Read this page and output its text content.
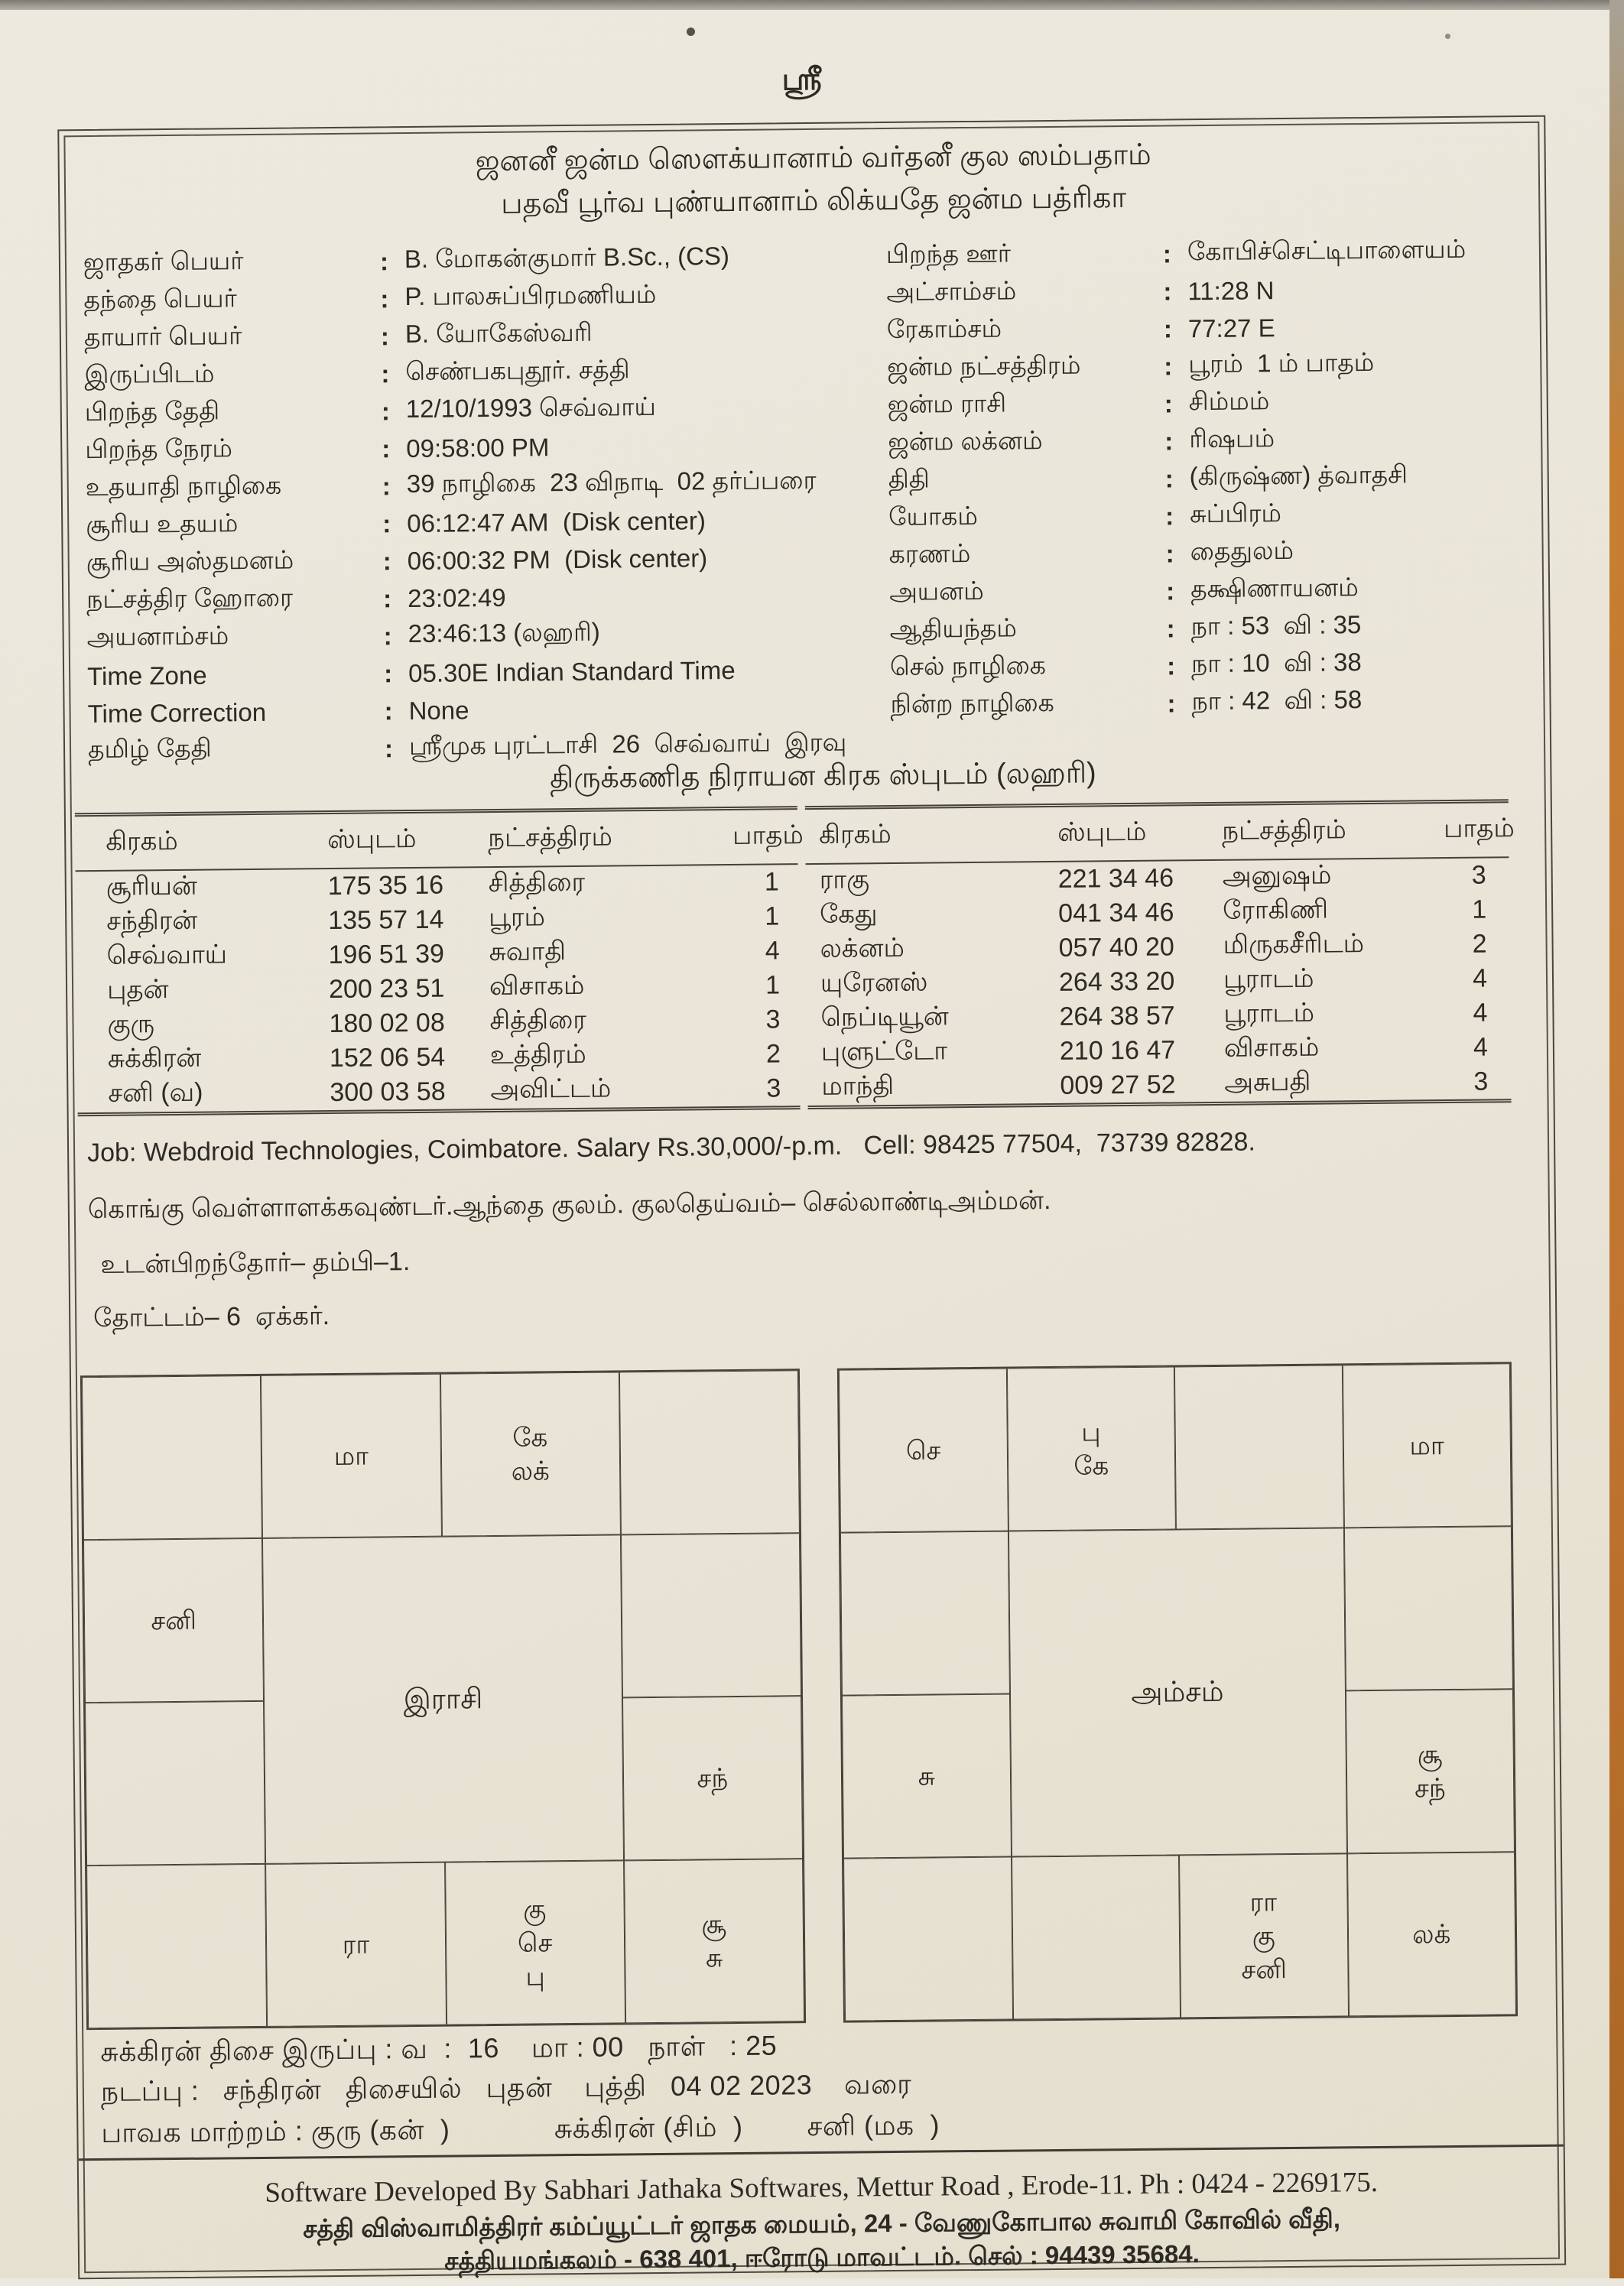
ஸ்ரீ
ஜனனீ ஜன்ம ஸௌக்யானாம் வர்தனீ குல ஸம்பதாம்
பதவீ பூர்வ புண்யானாம் லிக்யதே ஜன்ம பத்ரிகா
ஜாதகர் பெயர் :	B. மோகன்குமார் B.Sc., (CS)
தந்தை பெயர் :	P. பாலசுப்பிரமணியம்
தாயார் பெயர் :	B. யோகேஸ்வரி
இருப்பிடம் :	செண்பகபுதூர். சத்தி
பிறந்த தேதி :	12/10/1993 செவ்வாய்
பிறந்த நேரம் :	09:58:00 PM
உதயாதி நாழிகை :	39 நாழிகை  23 விநாடி  02 தர்ப்பரை
சூரிய உதயம் :	06:12:47 AM  (Disk center)
சூரிய அஸ்தமனம் :	06:00:32 PM  (Disk center)
நட்சத்திர ஹோரை :	23:02:49
அயனாம்சம் :	23:46:13 (லஹரி)
Time Zone :	05.30E Indian Standard Time
Time Correction :	None
தமிழ் தேதி :	ஸ்ரீமுக புரட்டாசி  26  செவ்வாய்  இரவு
பிறந்த ஊர் :	கோபிச்செட்டிபாளையம்
அட்சாம்சம் :	11:28 N
ரேகாம்சம் :	77:27 E
ஜன்ம நட்சத்திரம் :	பூரம்  1 ம் பாதம்
ஜன்ம ராசி :	சிம்மம்
ஜன்ம லக்னம் :	ரிஷபம்
திதி :	(கிருஷ்ண) த்வாதசி
யோகம் :	சுப்பிரம்
கரணம் :	தைதுலம்
அயனம் :	தக்ஷிணாயனம்
ஆதியந்தம் :	நா : 53  வி : 35
செல் நாழிகை :	நா : 10  வி : 38
நின்ற நாழிகை :	நா : 42  வி : 58
திருக்கணித நிராயன கிரக ஸ்புடம் (லஹரி)
கிரகம்	ஸ்புடம்	நட்சத்திரம்	பாதம்
சூரியன்	175 35 16	சித்திரை	1
சந்திரன்	135 57 14	பூரம்	1
செவ்வாய்	196 51 39	சுவாதி	4
புதன்	200 23 51	விசாகம்	1
குரு	180 02 08	சித்திரை	3
சுக்கிரன்	152 06 54	உத்திரம்	2
சனி (வ)	300 03 58	அவிட்டம்	3
கிரகம்	ஸ்புடம்	நட்சத்திரம்	பாதம்
ராகு	221 34 46	அனுஷம்	3
கேது	041 34 46	ரோகிணி	1
லக்னம்	057 40 20	மிருகசீரிடம்	2
யுரேனஸ்	264 33 20	பூராடம்	4
நெப்டியூன்	264 38 57	பூராடம்	4
புளுட்டோ	210 16 47	விசாகம்	4
மாந்தி	009 27 52	அசுபதி	3
Job: Webdroid Technologies, Coimbatore. Salary Rs.30,000/-p.m.   Cell: 98425 77504,  73739 82828.
கொங்கு வெள்ளாளக்கவுண்டர்.ஆந்தை குலம். குலதெய்வம்– செல்லாண்டிஅம்மன்.
உடன்பிறந்தோர்– தம்பி–1.
தோட்டம்– 6  ஏக்கர்.
மா
கே
லக்
சனி
சந்
ரா
கு
செ
பு
சூ
சு
இராசி
செ
பு
கே
மா
சு
சூ
சந்
ரா
கு
சனி
லக்
அம்சம்
சுக்கிரன் திசை இருப்பு : வ  :  16    மா : 00   நாள்   : 25
நடப்பு :   சந்திரன்   திசையில்   புதன்    புத்தி   04 02 2023    வரை
பாவக மாற்றம் : குரு (கன்  )             சுக்கிரன் (சிம்  )        சனி (மக  )
Software Developed By Sabhari Jathaka Softwares, Mettur Road , Erode-11. Ph : 0424 - 2269175.
சத்தி விஸ்வாமித்திரர் கம்ப்யூட்டர் ஜாதக மையம், 24 - வேணுகோபால சுவாமி கோவில் வீதி,
சத்தியமங்கலம் - 638 401, ஈரோடு மாவட்டம். செல் : 94439 35684.
